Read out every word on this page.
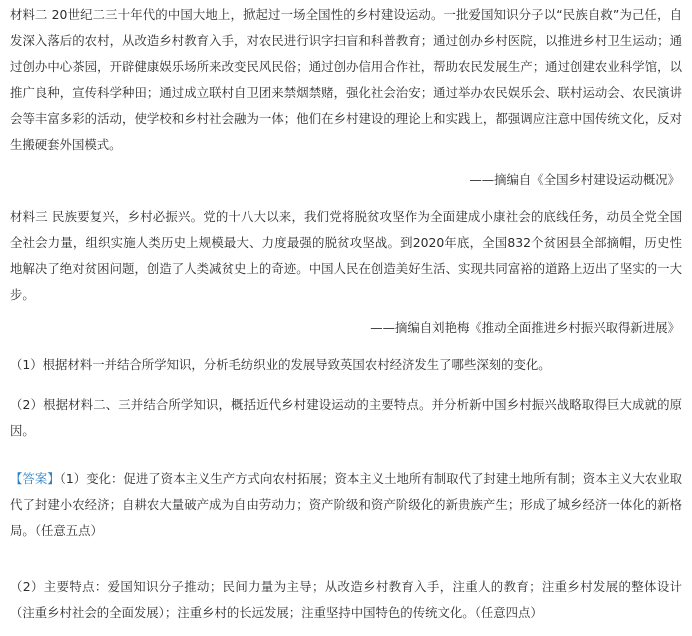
材料二 20世纪二三十年代的中国大地上，掀起过一场全国性的乡村建设运动。一批爱国知识分子以“民族自救”为己任，自发深入落后的农村，从改造乡村教育入手，对农民进行识字扫盲和科普教育；通过创办乡村医院，以推进乡村卫生运动；通过创办中心茶园，开辟健康娱乐场所来改变民风民俗；通过创办信用合作社，帮助农民发展生产；通过创建农业科学馆，以推广良种，宣传科学种田；通过成立联村自卫团来禁烟禁赌，强化社会治安；通过举办农民娱乐会、联村运动会、农民演讲会等丰富多彩的活动，使学校和乡村社会融为一体；他们在乡村建设的理论上和实践上，都强调应注意中国传统文化，反对生搬硬套外国模式。
——摘编自《全国乡村建设运动概况》
材料三 民族要复兴，乡村必振兴。党的十八大以来，我们党将脱贫攻坚作为全面建成小康社会的底线任务，动员全党全国全社会力量，组织实施人类历史上规模最大、力度最强的脱贫攻坚战。到2020年底，全国832个贫困县全部摘帽，历史性地解决了绝对贫困问题，创造了人类减贫史上的奇迹。中国人民在创造美好生活、实现共同富裕的道路上迈出了坚实的一大步。
——摘编自刘艳梅《推动全面推进乡村振兴取得新进展》
（1）根据材料一并结合所学知识，分析毛纺织业的发展导致英国农村经济发生了哪些深刻的变化。
（2）根据材料二、三并结合所学知识，概括近代乡村建设运动的主要特点。并分析新中国乡村振兴战略取得巨大成就的原因。
【答案】（1）变化：促进了资本主义生产方式向农村拓展；资本主义土地所有制取代了封建土地所有制；资本主义大农业取代了封建小农经济；自耕农大量破产成为自由劳动力；资产阶级和资产阶级化的新贵族产生；形成了城乡经济一体化的新格局。（任意五点）
（2）主要特点：爱国知识分子推动；民间力量为主导；从改造乡村教育入手，注重人的教育；注重乡村发展的整体设计（注重乡村社会的全面发展）；注重乡村的长远发展；注重坚持中国特色的传统文化。（任意四点）
